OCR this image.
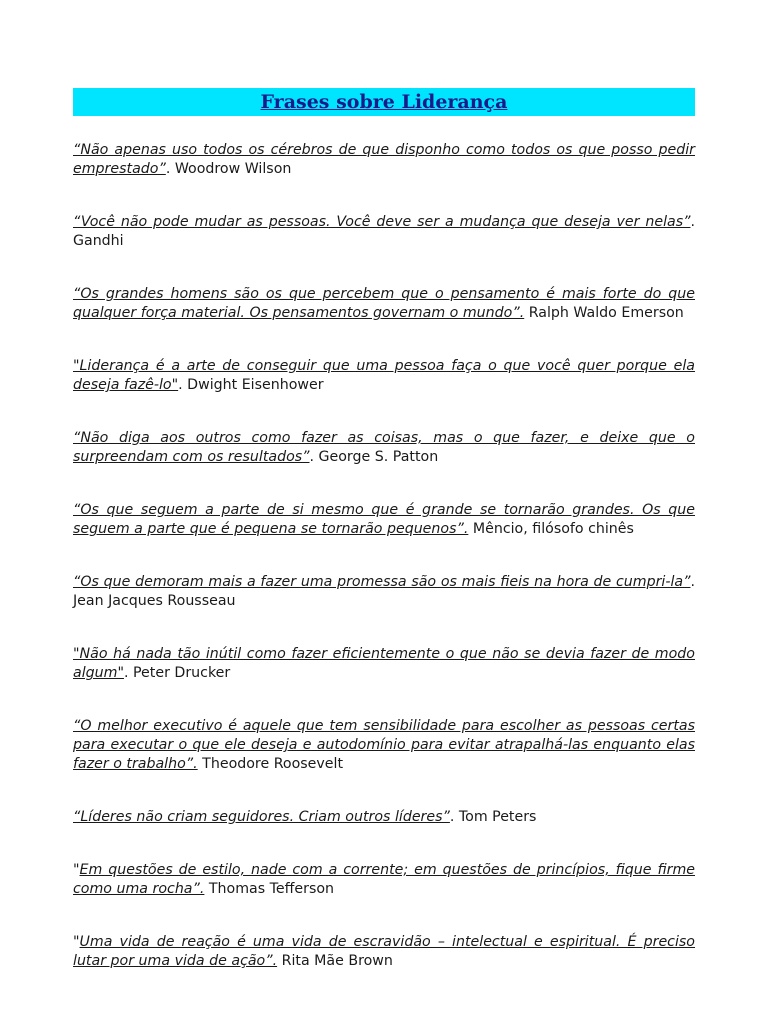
Frases sobre Liderança

“Não apenas uso todos os cérebros de que disponho como todos os que posso pedir emprestado”. Woodrow Wilson

“Você não pode mudar as pessoas. Você deve ser a mudança que deseja ver nelas”. Gandhi

“Os grandes homens são os que percebem que o pensamento é mais forte do que qualquer força material. Os pensamentos governam o mundo”. Ralph Waldo Emerson

"Liderança é a arte de conseguir que uma pessoa faça o que você quer porque ela deseja fazê-lo". Dwight Eisenhower

“Não diga aos outros como fazer as coisas, mas o que fazer, e deixe que o surpreendam com os resultados”. George S. Patton

“Os que seguem a parte de si mesmo que é grande se tornarão grandes. Os que seguem a parte que é pequena se tornarão pequenos”. Mêncio, filósofo chinês

“Os que demoram mais a fazer uma promessa são os mais fieis na hora de cumpri-la”. Jean Jacques Rousseau

"Não há nada tão inútil como fazer eficientemente o que não se devia fazer de modo algum". Peter Drucker

“O melhor executivo é aquele que tem sensibilidade para escolher as pessoas certas para executar o que ele deseja e autodomínio para evitar atrapalhá-las enquanto elas fazer o trabalho”. Theodore Roosevelt

“Líderes não criam seguidores. Criam outros líderes”. Tom Peters

"Em questões de estilo, nade com a corrente; em questões de princípios, fique firme como uma rocha”. Thomas Tefferson

"Uma vida de reação é uma vida de escravidão – intelectual e espiritual. É preciso lutar por uma vida de ação”. Rita Mãe Brown
